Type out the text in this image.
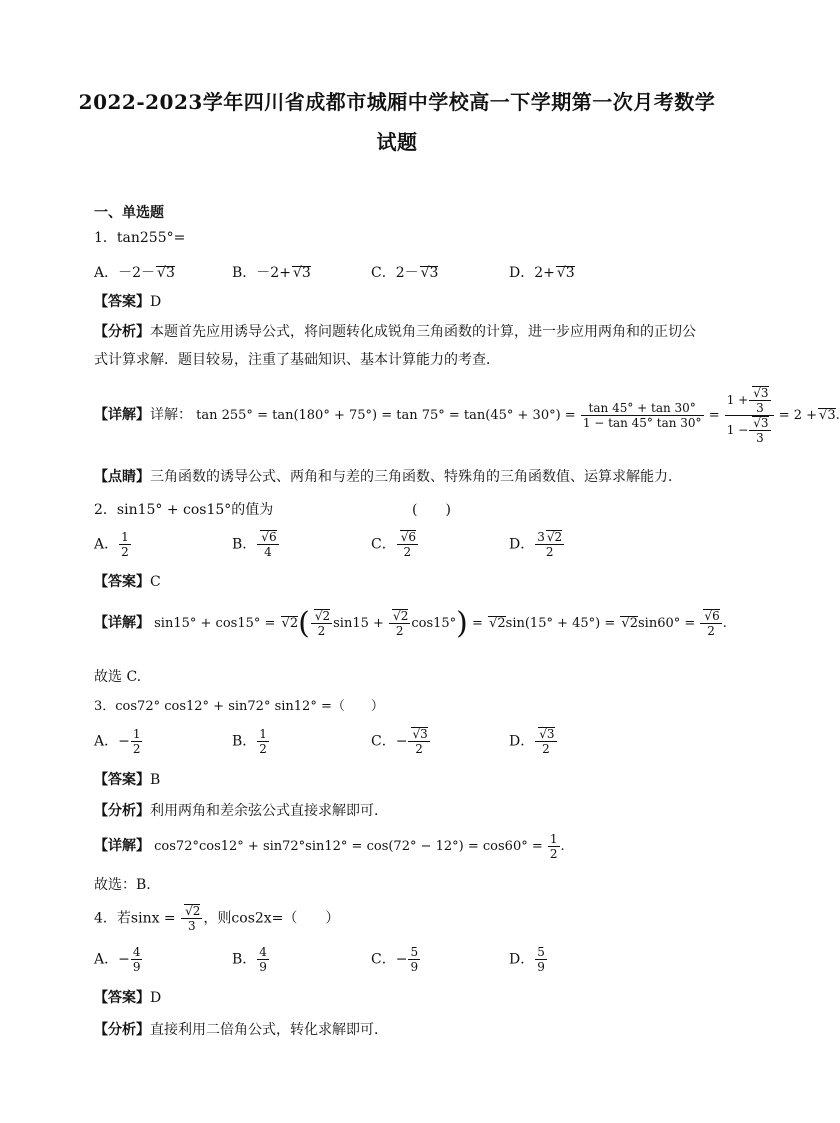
2022-2023学年四川省成都市城厢中学校高一下学期第一次月考数学
试题
一、单选题
1．tan255°=
A．－2－√ 3	B．－2+√ 3	C．2－√ 3	D．2+√ 3
【答案】D
【分析】本题首先应用诱导公式，将问题转化成锐角三角函数的计算，进一步应用两角和的正切公式计算求解．题目较易，注重了基础知识、基本计算能力的考查．
【详解】详解： $\tan 255^\circ = \tan(180^\circ + 75^\circ) = \tan 75^\circ = \tan(45^\circ + 30^\circ) = \frac{\tan 45^\circ + \tan 30^\circ}{1 - \tan 45^\circ \tan 30^\circ} = 1$ +
√ $\frac{3}{3}$
1 −
√ $\frac{3}{3} = 2$ +√ 3.
【点睛】三角函数的诱导公式、两角和与差的三角函数、特殊角的三角函数值、运算求解能力．
2．sin15° + cos15°的值为	(　　)
A． $\frac{1}{2}$	B．
√ $\frac{6}{4}$	C．
√ $\frac{6}{2}$	D． $\frac{3√ 2}{2}$
【答案】C
【详解】 sin15° + cos15° = √ 2(
√ $\frac{2}{2} \sin 15$ +
√ $\frac{2}{2} \cos 15^\circ$) = √ 2sin(15° + 45°) = √ 2sin60° =
√ $\frac{6}{2}$ .
故选 C.
3．cos72° cos12° + sin72° sin12° =（　　）
A．− $\frac{1}{2}$	B． $\frac{1}{2}$	C．−
√ $\frac{3}{2}$	D．
√ $\frac{3}{2}$
【答案】B
【分析】利用两角和差余弦公式直接求解即可.
【详解】 $\cos 72^\circ\cos 12^\circ + \sin 72^\circ\sin 12^\circ = \cos(72^\circ - 12^\circ) = \cos 60^\circ = \frac{1}{2}$ .
故选：B.
4．若sinx =
√ $\frac{2}{3}$ ，则cos2x=（　　）
A．− $\frac{4}{9}$	B． $\frac{4}{9}$	C．− $\frac{5}{9}$	D． $\frac{5}{9}$
【答案】D
【分析】直接利用二倍角公式，转化求解即可．
